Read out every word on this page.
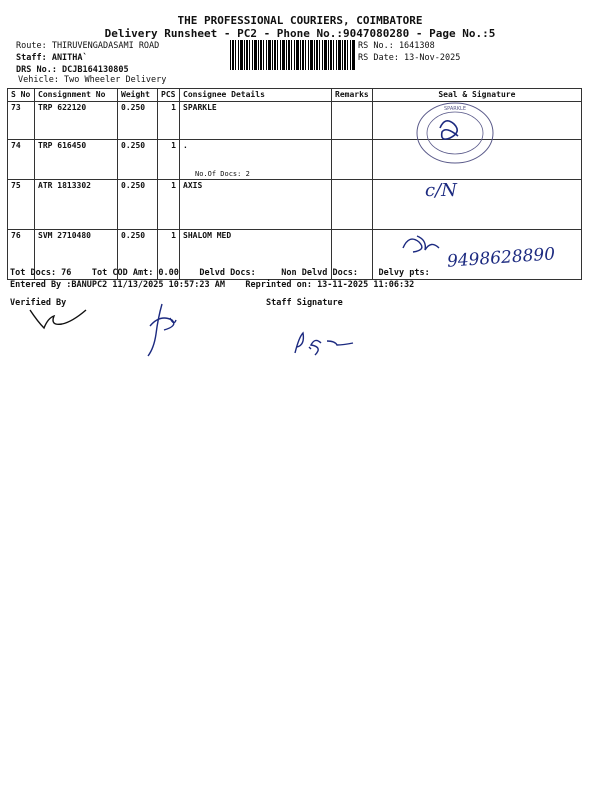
THE PROFESSIONAL COURIERS, COIMBATORE
Delivery Runsheet - PC2 - Phone No.:9047080280 - Page No.:5
Route: THIRUVENGADASAMI ROAD
Staff: ANITHA`
DRS No.: DCJB164130805
Vehicle: Two Wheeler Delivery
RS No.: 1641308
RS Date: 13-Nov-2025
S No	Consignment No	Weight	PCS	Consignee Details	Remarks	Seal & Signature
73	TRP 622120	0.250	1	SPARKLE		
74	TRP 616450	0.250	1	.
No.Of Docs: 2		

75	ATR 1813302	0.250	1	AXIS		
76	SVM 2710480	0.250	1	SHALOM MED		
SPARKLE
c/N
9498628890
Tot Docs: 76 Tot COD Amt: 0.00 Delvd Docs:	Non Delvd Docs: Delvy pts:
Entered By :BANUPC2 11/13/2025 10:57:23 AM Reprinted on: 13-11-2025 11:06:32
Verified By	Staff Signature
